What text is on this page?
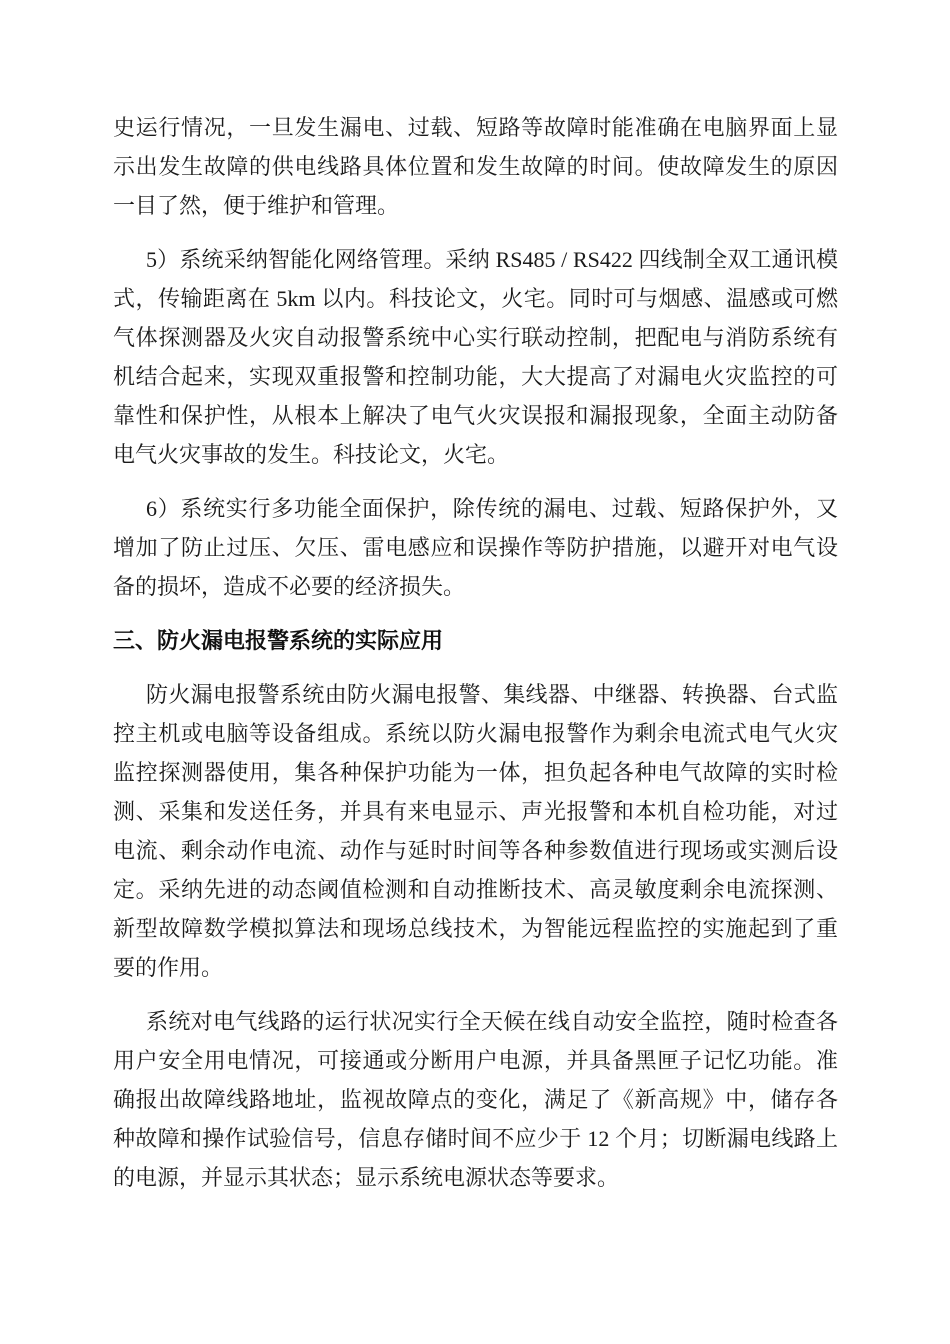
史运行情况，一旦发生漏电、过载、短路等故障时能准确在电脑界面上显示出发生故障的供电线路具体位置和发生故障的时间。使故障发生的原因一目了然，便于维护和管理。

5）系统采纳智能化网络管理。采纳 RS485 / RS422 四线制全双工通讯模式，传输距离在 5km 以内。科技论文，火宅。同时可与烟感、温感或可燃气体探测器及火灾自动报警系统中心实行联动控制，把配电与消防系统有机结合起来，实现双重报警和控制功能，大大提高了对漏电火灾监控的可靠性和保护性，从根本上解决了电气火灾误报和漏报现象，全面主动防备电气火灾事故的发生。科技论文，火宅。

6）系统实行多功能全面保护，除传统的漏电、过载、短路保护外，又增加了防止过压、欠压、雷电感应和误操作等防护措施，以避开对电气设备的损坏，造成不必要的经济损失。

三、防火漏电报警系统的实际应用

防火漏电报警系统由防火漏电报警、集线器、中继器、转换器、台式监控主机或电脑等设备组成。系统以防火漏电报警作为剩余电流式电气火灾监控探测器使用，集各种保护功能为一体，担负起各种电气故障的实时检测、采集和发送任务，并具有来电显示、声光报警和本机自检功能，对过电流、剩余动作电流、动作与延时时间等各种参数值进行现场或实测后设定。采纳先进的动态阈值检测和自动推断技术、高灵敏度剩余电流探测、新型故障数学模拟算法和现场总线技术，为智能远程监控的实施起到了重要的作用。

系统对电气线路的运行状况实行全天候在线自动安全监控，随时检查各用户安全用电情况，可接通或分断用户电源，并具备黑匣子记忆功能。准确报出故障线路地址，监视故障点的变化，满足了《新高规》中，储存各种故障和操作试验信号，信息存储时间不应少于 12 个月；切断漏电线路上的电源，并显示其状态；显示系统电源状态等要求。
